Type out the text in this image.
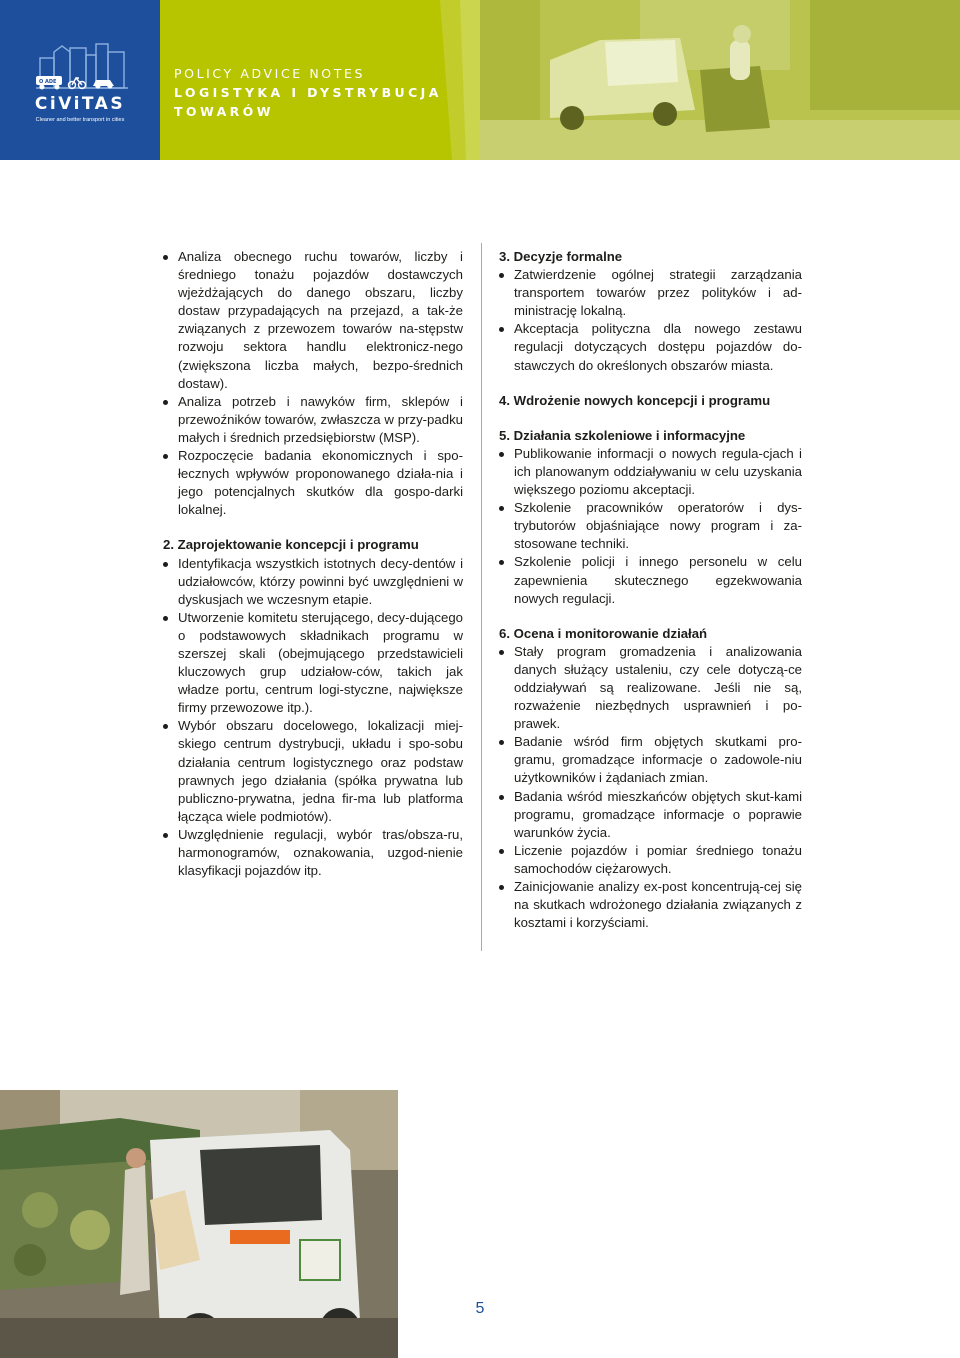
O ADE
CiViTAS
Cleaner and better transport in cities
POLICY ADVICE NOTES
LOGISTYKA I DYSTRYBUCJA
TOWARÓW
Analiza obecnego ruchu towarów, liczby i średniego tonażu pojazdów dostawczych wjeżdżających do danego obszaru, liczby dostaw przypadających na przejazd, a tak-że związanych z przewozem towarów na-stępstw rozwoju sektora handlu elektronicz-nego (zwiększona liczba małych, bezpo-średnich dostaw).
Analiza potrzeb i nawyków firm, sklepów i przewoźników towarów, zwłaszcza w przy-padku małych i średnich przedsiębiorstw (MSP).
Rozpoczęcie badania ekonomicznych i spo-łecznych wpływów proponowanego działa-nia i jego potencjalnych skutków dla gospo-darki lokalnej.
2. Zaprojektowanie koncepcji i programu
Identyfikacja wszystkich istotnych decy-dentów i udziałowców, którzy powinni być uwzględnieni w dyskusjach we wczesnym etapie.
Utworzenie komitetu sterującego, decy-dującego o podstawowych składnikach programu w szerszej skali (obejmującego przedstawicieli kluczowych grup udziałow-ców, takich jak władze portu, centrum logi-styczne, największe firmy przewozowe itp.).
Wybór obszaru docelowego, lokalizacji miej-skiego centrum dystrybucji, układu i spo-sobu działania centrum logistycznego oraz podstaw prawnych jego działania (spółka prywatna lub publiczno-prywatna, jedna fir-ma lub platforma łącząca wiele podmiotów).
Uwzględnienie regulacji, wybór tras/obsza-ru, harmonogramów, oznakowania, uzgod-nienie klasyfikacji pojazdów itp.
3. Decyzje formalne
Zatwierdzenie ogólnej strategii zarządzania transportem towarów przez polityków i ad-ministrację lokalną.
Akceptacja polityczna dla nowego zestawu regulacji dotyczących dostępu pojazdów do-stawczych do określonych obszarów miasta.
4. Wdrożenie nowych koncepcji i programu
5. Działania szkoleniowe i informacyjne
Publikowanie informacji o nowych regula-cjach i ich planowanym oddziaływaniu w celu uzyskania większego poziomu akceptacji.
Szkolenie pracowników operatorów i dys-trybutorów objaśniające nowy program i za-stosowane techniki.
Szkolenie policji i innego personelu w celu zapewnienia skutecznego egzekwowania nowych regulacji.
6. Ocena i monitorowanie działań
Stały program gromadzenia i analizowania danych służący ustaleniu, czy cele dotyczą-ce oddziaływań są realizowane. Jeśli nie są, rozważenie niezbędnych usprawnień i po-prawek.
Badanie wśród firm objętych skutkami pro-gramu, gromadzące informacje o zadowole-niu użytkowników i żądaniach zmian.
Badania wśród mieszkańców objętych skut-kami programu, gromadzące informacje o poprawie warunków życia.
Liczenie pojazdów i pomiar średniego tonażu samochodów ciężarowych.
Zainicjowanie analizy ex-post koncentrują-cej się na skutkach wdrożonego działania związanych z kosztami i korzyściami.
5
